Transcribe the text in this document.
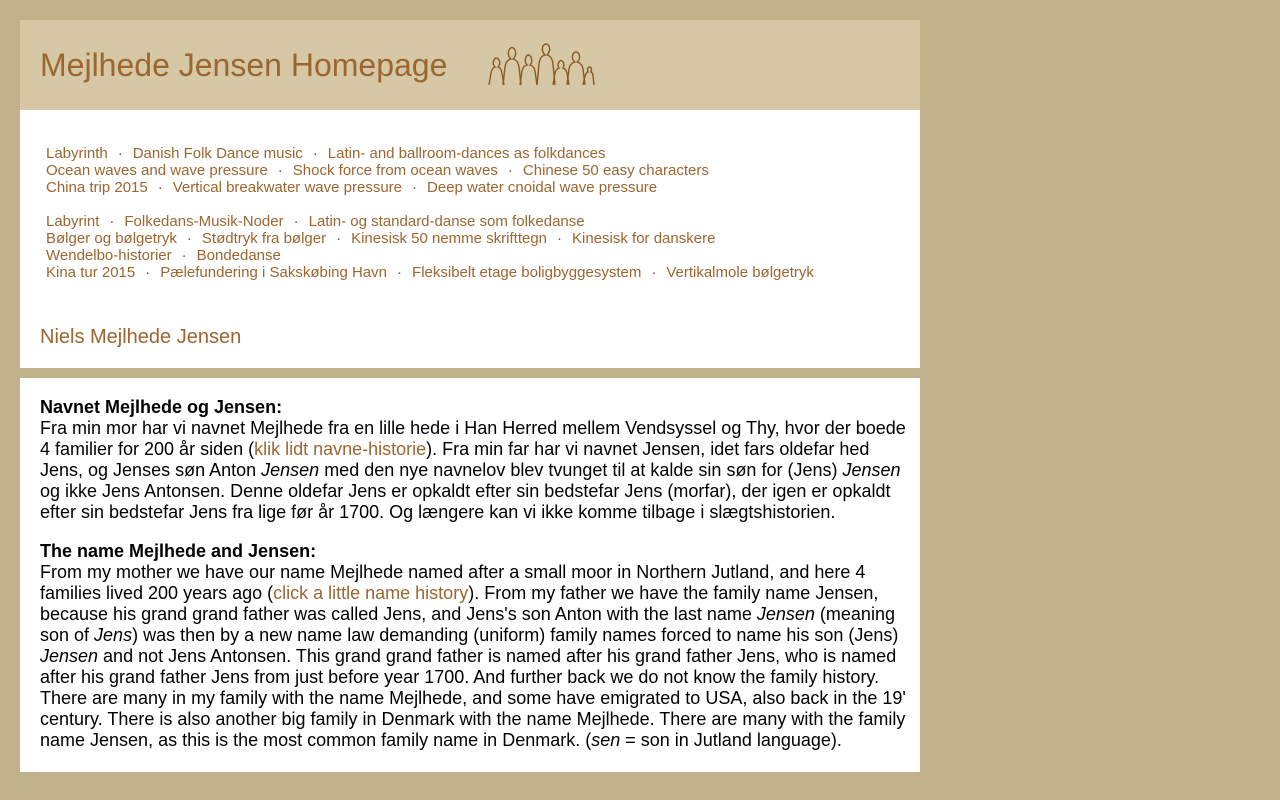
Mejlhede Jensen Homepage
Labyrinth · Danish Folk Dance music · Latin- and ballroom-dances as folkdances
Ocean waves and wave pressure · Shock force from ocean waves · Chinese 50 easy characters
China trip 2015 · Vertical breakwater wave pressure · Deep water cnoidal wave pressure
Labyrint · Folkedans-Musik-Noder · Latin- og standard-danse som folkedanse
Bølger og bølgetryk · Stødtryk fra bølger · Kinesisk 50 nemme skrifttegn · Kinesisk for danskere
Wendelbo-historier · Bondedanse
Kina tur 2015 · Pælefundering i Sakskøbing Havn · Fleksibelt etage boligbyggesystem · Vertikalmole bølgetryk
Niels Mejlhede Jensen
Navnet Mejlhede og Jensen:
Fra min mor har vi navnet Mejlhede fra en lille hede i Han Herred mellem Vendsyssel og Thy, hvor der boede 4 familier for 200 år siden (klik lidt navne-historie). Fra min far har vi navnet Jensen, idet fars oldefar hed Jens, og Jenses søn Anton Jensen med den nye navnelov blev tvunget til at kalde sin søn for (Jens) Jensen og ikke Jens Antonsen. Denne oldefar Jens er opkaldt efter sin bedstefar Jens (morfar), der igen er opkaldt efter sin bedstefar Jens fra lige før år 1700. Og længere kan vi ikke komme tilbage i slægtshistorien.
The name Mejlhede and Jensen:
From my mother we have our name Mejlhede named after a small moor in Northern Jutland, and here 4 families lived 200 years ago (click a little name history). From my father we have the family name Jensen, because his grand grand father was called Jens, and Jens's son Anton with the last name Jensen (meaning son of Jens) was then by a new name law demanding (uniform) family names forced to name his son (Jens) Jensen and not Jens Antonsen. This grand grand father is named after his grand father Jens, who is named after his grand father Jens from just before year 1700. And further back we do not know the family history. There are many in my family with the name Mejlhede, and some have emigrated to USA, also back in the 19' century. There is also another big family in Denmark with the name Mejlhede. There are many with the family name Jensen, as this is the most common family name in Denmark. (sen = son in Jutland language).
